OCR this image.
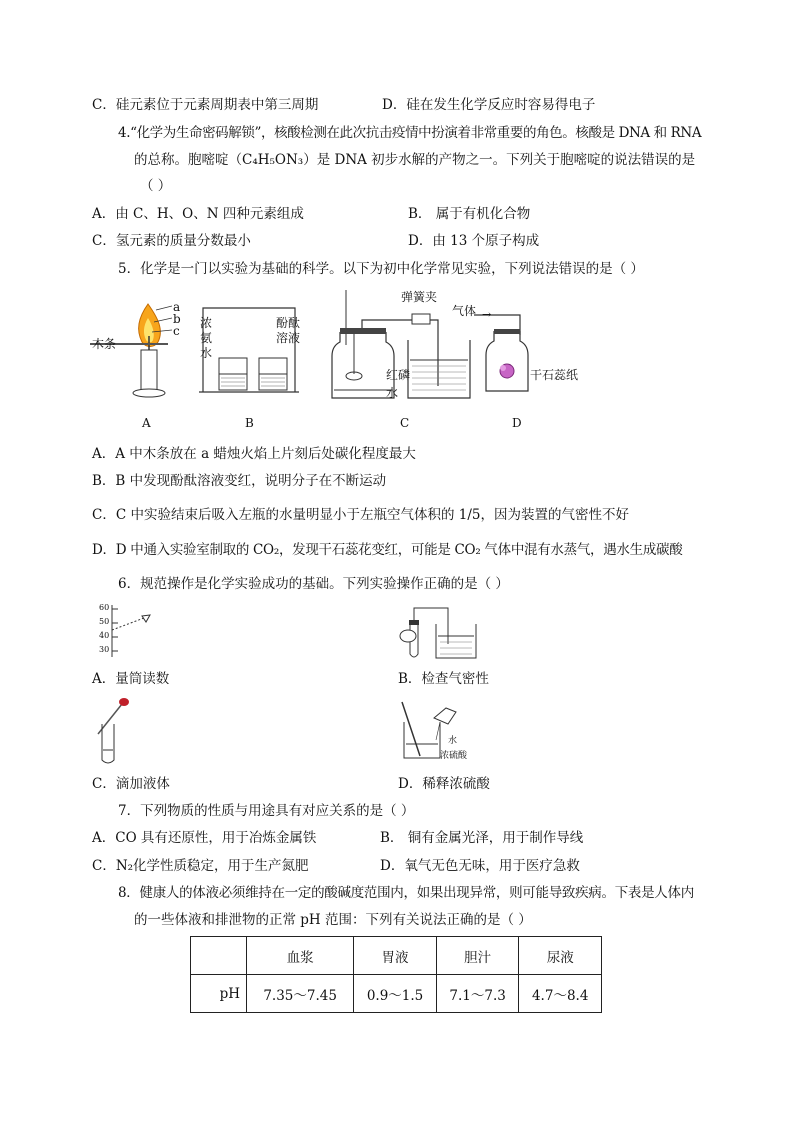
C．硅元素位于元素周期表中第三周期	D．硅在发生化学反应时容易得电子
4.“化学为生命密码解锁”，核酸检测在此次抗击疫情中扮演着非常重要的角色。核酸是 DNA 和 RNA
的总称。胞嘧啶（C₄H₅ON₃）是 DNA 初步水解的产物之一。下列关于胞嘧啶的说法错误的是
（ ）
A．由 C、H、O、N 四种元素组成	B． 属于有机化合物
C．氢元素的质量分数最小	D．由 13 个原子构成
5．化学是一门以实验为基础的科学。以下为初中化学常见实验，下列说法错误的是（ ）
a
b
c
木条
A
浓氨水
酚酞溶液
B
弹簧夹
红磷
水
C
气体 →
干石蕊纸
D
A．A 中木条放在 a 蜡烛火焰上片刻后处碳化程度最大
B．B 中发现酚酞溶液变红，说明分子在不断运动
C．C 中实验结束后吸入左瓶的水量明显小于左瓶空气体积的 1/5，因为装置的气密性不好
D．D 中通入实验室制取的 CO₂，发现干石蕊花变红，可能是 CO₂ 气体中混有水蒸气，遇水生成碳酸
6．规范操作是化学实验成功的基础。下列实验操作正确的是（ ）
60
50
40
30
A．量筒读数	B．检查气密性
水
浓硫酸
C．滴加液体	D．稀释浓硫酸
7．下列物质的性质与用途具有对应关系的是（ ）
A．CO 具有还原性，用于冶炼金属铁	B． 铜有金属光泽，用于制作导线
C．N₂化学性质稳定，用于生产氮肥	D．氧气无色无味，用于医疗急救
8．健康人的体液必须维持在一定的酸碱度范围内，如果出现异常，则可能导致疾病。下表是人体内
的一些体液和排泄物的正常 pH 范围：下列有关说法正确的是（ ）
	血浆	胃液	胆汁	尿液
pH	7.35～7.45	0.9～1.5	7.1～7.3	4.7～8.4
